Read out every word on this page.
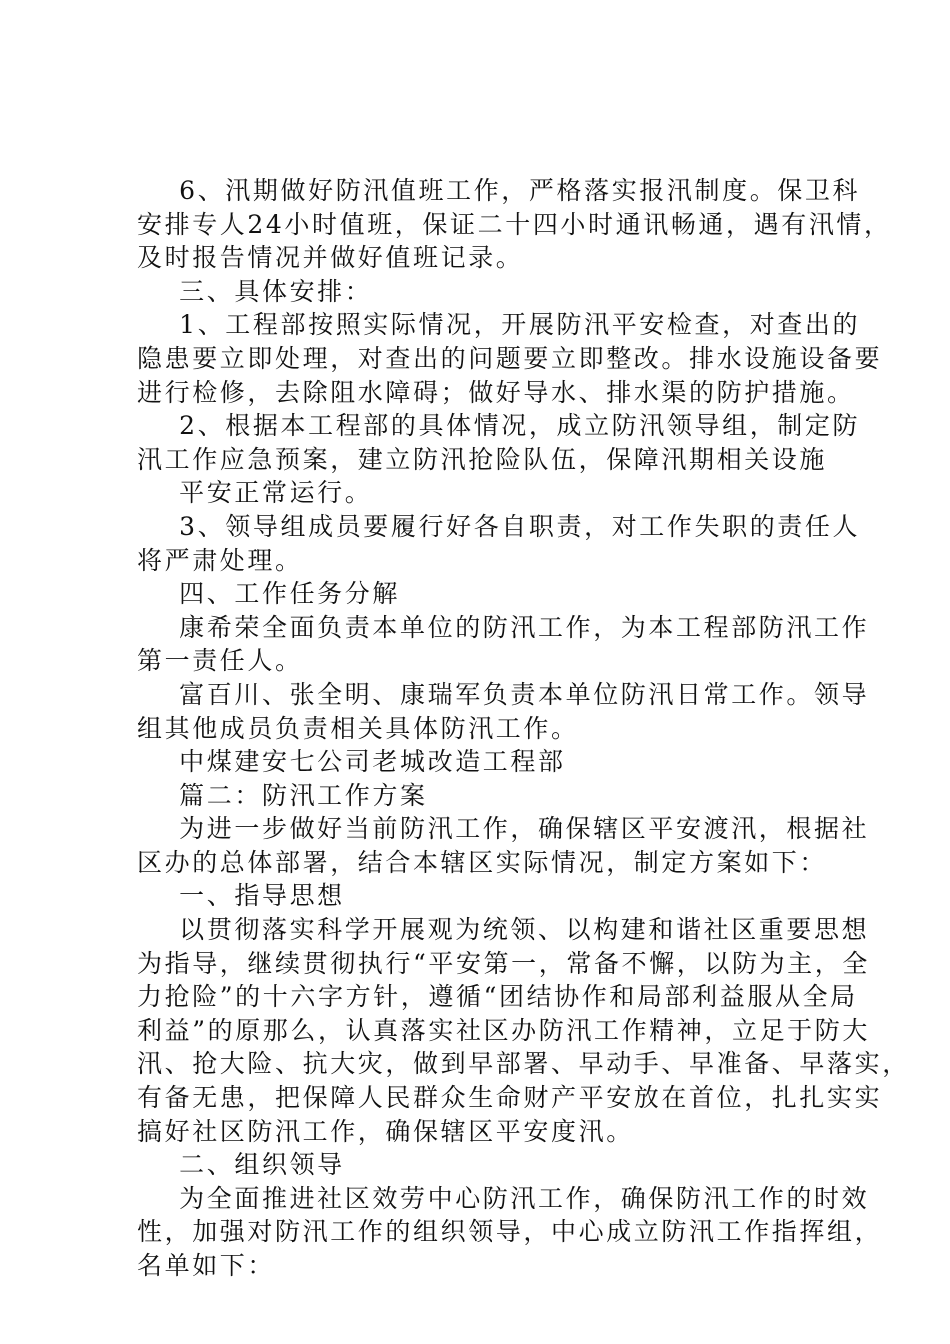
6、汛期做好防汛值班工作，严格落实报汛制度。保卫科

安排专人24小时值班，保证二十四小时通讯畅通，遇有汛情，

及时报告情况并做好值班记录。

三、具体安排：

1、工程部按照实际情况，开展防汛平安检查，对查出的

隐患要立即处理，对查出的问题要立即整改。排水设施设备要

进行检修，去除阻水障碍；做好导水、排水渠的防护措施。

2、根据本工程部的具体情况，成立防汛领导组，制定防

汛工作应急预案，建立防汛抢险队伍，保障汛期相关设施

平安正常运行。

3、领导组成员要履行好各自职责，对工作失职的责任人

将严肃处理。

四、工作任务分解

康希荣全面负责本单位的防汛工作，为本工程部防汛工作

第一责任人。

富百川、张全明、康瑞军负责本单位防汛日常工作。领导

组其他成员负责相关具体防汛工作。

中煤建安七公司老城改造工程部

篇二：防汛工作方案

为进一步做好当前防汛工作，确保辖区平安渡汛，根据社

区办的总体部署，结合本辖区实际情况，制定方案如下：

一、指导思想

以贯彻落实科学开展观为统领、以构建和谐社区重要思想

为指导，继续贯彻执行“平安第一，常备不懈，以防为主，全

力抢险”的十六字方针，遵循“团结协作和局部利益服从全局

利益”的原那么，认真落实社区办防汛工作精神，立足于防大

汛、抢大险、抗大灾，做到早部署、早动手、早准备、早落实，

有备无患，把保障人民群众生命财产平安放在首位，扎扎实实

搞好社区防汛工作，确保辖区平安度汛。

二、组织领导

为全面推进社区效劳中心防汛工作，确保防汛工作的时效

性，加强对防汛工作的组织领导，中心成立防汛工作指挥组，

名单如下：
